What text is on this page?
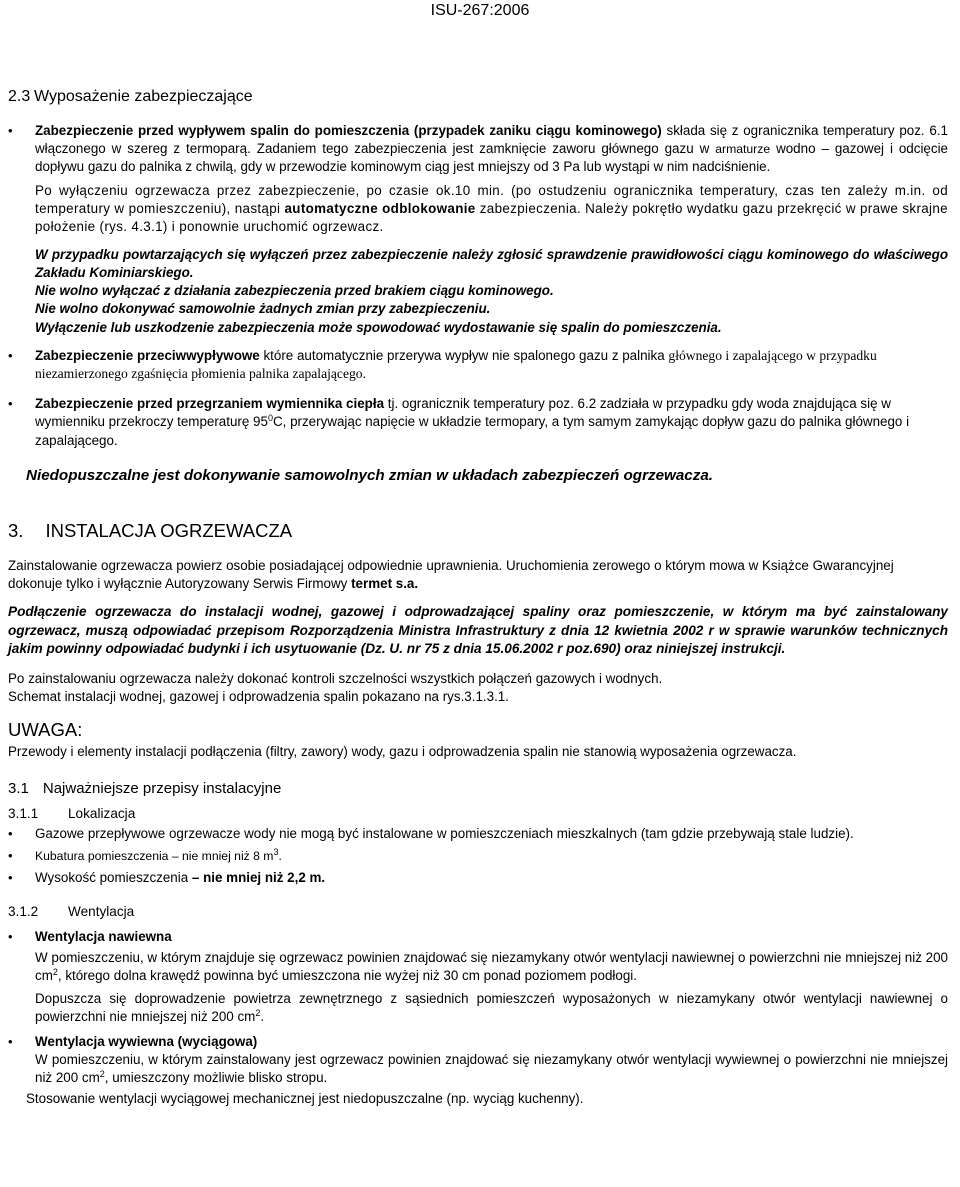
ISU-267:2006

2.3 Wyposażenie zabezpieczające

• Zabezpieczenie przed wypływem spalin do pomieszczenia (przypadek zaniku ciągu kominowego) składa się z ogranicznika temperatury poz. 6.1 włączonego w szereg z termoparą. Zadaniem tego zabezpieczenia jest zamknięcie zaworu głównego gazu w armaturze wodno – gazowej i odcięcie dopływu gazu do palnika z chwilą, gdy w przewodzie kominowym ciąg jest mniejszy od 3 Pa lub wystąpi w nim nadciśnienie.

Po wyłączeniu ogrzewacza przez zabezpieczenie, po czasie ok.10 min. (po ostudzeniu ogranicznika temperatury, czas ten zależy m.in. od temperatury w pomieszczeniu), nastąpi automatyczne odblokowanie zabezpieczenia. Należy pokrętło wydatku gazu przekręcić w prawe skrajne położenie (rys. 4.3.1) i ponownie uruchomić ogrzewacz.

W przypadku powtarzających się wyłączeń przez zabezpieczenie należy zgłosić sprawdzenie prawidłowości ciągu kominowego do właściwego Zakładu Kominiarskiego.

Nie wolno wyłączać z działania zabezpieczenia przed brakiem ciągu kominowego.

Nie wolno dokonywać samowolnie żadnych zmian przy zabezpieczeniu.

Wyłączenie lub uszkodzenie zabezpieczenia może spowodować wydostawanie się spalin do pomieszczenia.

• Zabezpieczenie przeciwwypływowe które automatycznie przerywa wypływ nie spalonego gazu z palnika głównego i zapalającego w przypadku niezamierzonego zgaśnięcia płomienia palnika zapalającego.

• Zabezpieczenie przed przegrzaniem wymiennika ciepła tj. ogranicznik temperatury poz. 6.2 zadziała w przypadku gdy woda znajdująca się w wymienniku przekroczy temperaturę $95^0C$, przerywając napięcie w układzie termopary, a tym samym zamykając dopływ gazu do palnika głównego i zapalającego.

Niedopuszczalne jest dokonywanie samowolnych zmian w układach zabezpieczeń ogrzewacza.

3. INSTALACJA OGRZEWACZA

Zainstalowanie ogrzewacza powierz osobie posiadającej odpowiednie uprawnienia. Uruchomienia zerowego o którym mowa w Książce Gwarancyjnej dokonuje tylko i wyłącznie Autoryzowany Serwis Firmowy termet s.a.

Podłączenie ogrzewacza do instalacji wodnej, gazowej i odprowadzającej spaliny oraz pomieszczenie, w którym ma być zainstalowany ogrzewacz, muszą odpowiadać przepisom Rozporządzenia Ministra Infrastruktury z dnia 12 kwietnia 2002 r w sprawie warunków technicznych jakim powinny odpowiadać budynki i ich usytuowanie (Dz. U. nr 75 z dnia 15.06.2002 r poz.690) oraz niniejszej instrukcji.

Po zainstalowaniu ogrzewacza należy dokonać kontroli szczelności wszystkich połączeń gazowych i wodnych.

Schemat instalacji wodnej, gazowej i odprowadzenia spalin pokazano na rys.3.1.3.1.

UWAGA:

Przewody i elementy instalacji podłączenia (filtry, zawory) wody, gazu i odprowadzenia spalin nie stanowią wyposażenia ogrzewacza.

3.1 Najważniejsze przepisy instalacyjne

3.1.1 Lokalizacja

• Gazowe przepływowe ogrzewacze wody nie mogą być instalowane w pomieszczeniach mieszkalnych (tam gdzie przebywają stale ludzie).

• Kubatura pomieszczenia – nie mniej niż 8 $m^3$.

• Wysokość pomieszczenia – nie mniej niż 2,2 m.

3.1.2 Wentylacja

• Wentylacja nawiewna

W pomieszczeniu, w którym znajduje się ogrzewacz powinien znajdować się niezamykany otwór wentylacji nawiewnej o powierzchni nie mniejszej niż 200 $cm^2$, którego dolna krawędź powinna być umieszczona nie wyżej niż 30 cm ponad poziomem podłogi.

Dopuszcza się doprowadzenie powietrza zewnętrznego z sąsiednich pomieszczeń wyposażonych w niezamykany otwór wentylacji nawiewnej o powierzchni nie mniejszej niż 200 $cm^2$.

• Wentylacja wywiewna (wyciągowa)

W pomieszczeniu, w którym zainstalowany jest ogrzewacz powinien znajdować się niezamykany otwór wentylacji wywiewnej o powierzchni nie mniejszej niż 200 $cm^2$, umieszczony możliwie blisko stropu.

Stosowanie wentylacji wyciągowej mechanicznej jest niedopuszczalne (np. wyciąg kuchenny).
